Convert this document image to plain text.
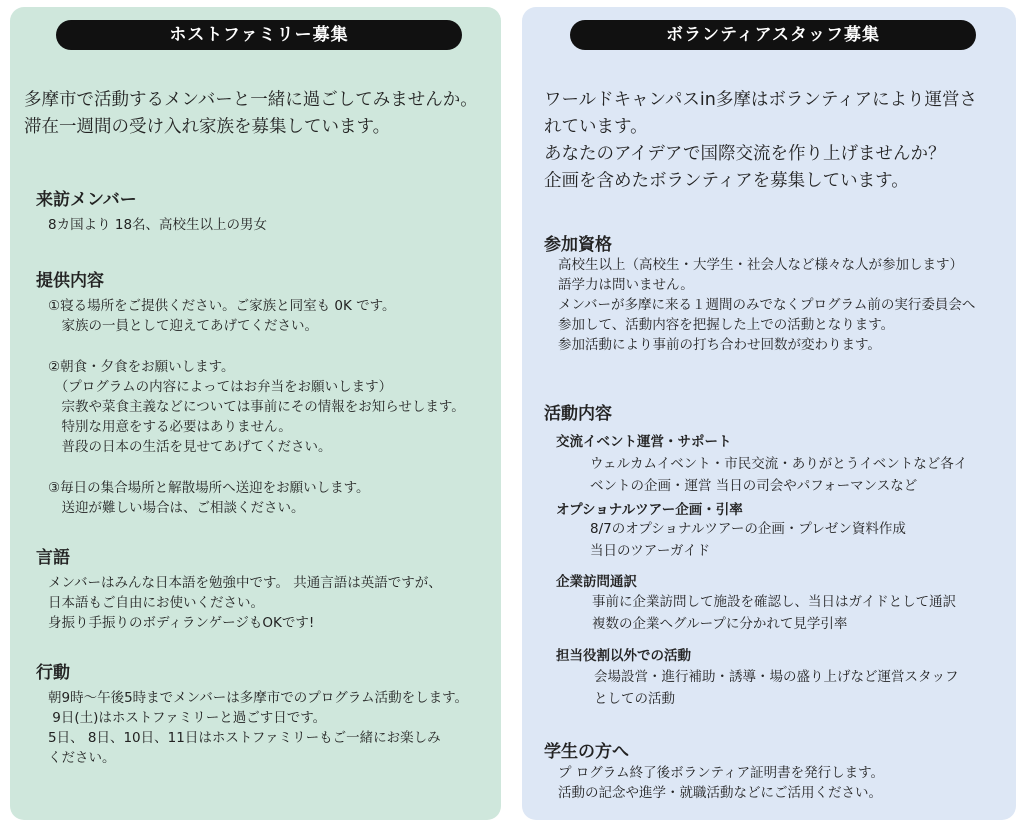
ホストファミリー募集
多摩市で活動するメンバーと一緒に過ごしてみませんか。
滞在一週間の受け入れ家族を募集しています。
来訪メンバー
8カ国より 18名、高校生以上の男女
提供内容
①寝る場所をご提供ください。ご家族と同室も 0K です。
　家族の一員として迎えてあげてください。
②朝食・夕食をお願いします。
　（プログラムの内容によってはお弁当をお願いします）
　宗教や菜食主義などについては事前にその情報をお知らせします。
　特別な用意をする必要はありません。
　普段の日本の生活を見せてあげてください。
③毎日の集合場所と解散場所へ送迎をお願いします。
　送迎が難しい場合は、ご相談ください。
言語
メンバーはみんな日本語を勉強中です。 共通言語は英語ですが、
日本語もご自由にお使いください。
身振り手振りのボディランゲージもOKです!
行動
朝9時～午後5時までメンバーは多摩市でのプログラム活動をします。
9日(土)はホストファミリーと過ごす日です。
5日、 8日、10日、11日はホストファミリーもご一緒にお楽しみ
ください。
ボランティアスタッフ募集
ワールドキャンパスin多摩はボランティアにより運営さ
れています。
あなたのアイデアで国際交流を作り上げませんか？
企画を含めたボランティアを募集しています。
参加資格
高校生以上（高校生・大学生・社会人など様々な人が参加します）
語学力は問いません。
メンバーが多摩に来る１週間のみでなくプログラム前の実行委員会へ
参加して、活動内容を把握した上での活動となります。
参加活動により事前の打ち合わせ回数が変わります。
活動内容
交流イベント運営・サポート
ウェルカムイベント・市民交流・ありがとうイベントなど各イ
ベントの企画・運営 当日の司会やパフォーマンスなど
オプショナルツアー企画・引率
8/7のオプショナルツアーの企画・プレゼン資料作成
当日のツアーガイド
企業訪問通訳
事前に企業訪問して施設を確認し、当日はガイドとして通訳
複数の企業へグループに分かれて見学引率
担当役割以外での活動
会場設営・進行補助・誘導・場の盛り上げなど運営スタッフ
としての活動
学生の方へ
プ ログラム終了後ボランティア証明書を発行します。
活動の記念や進学・就職活動などにご活用ください。
